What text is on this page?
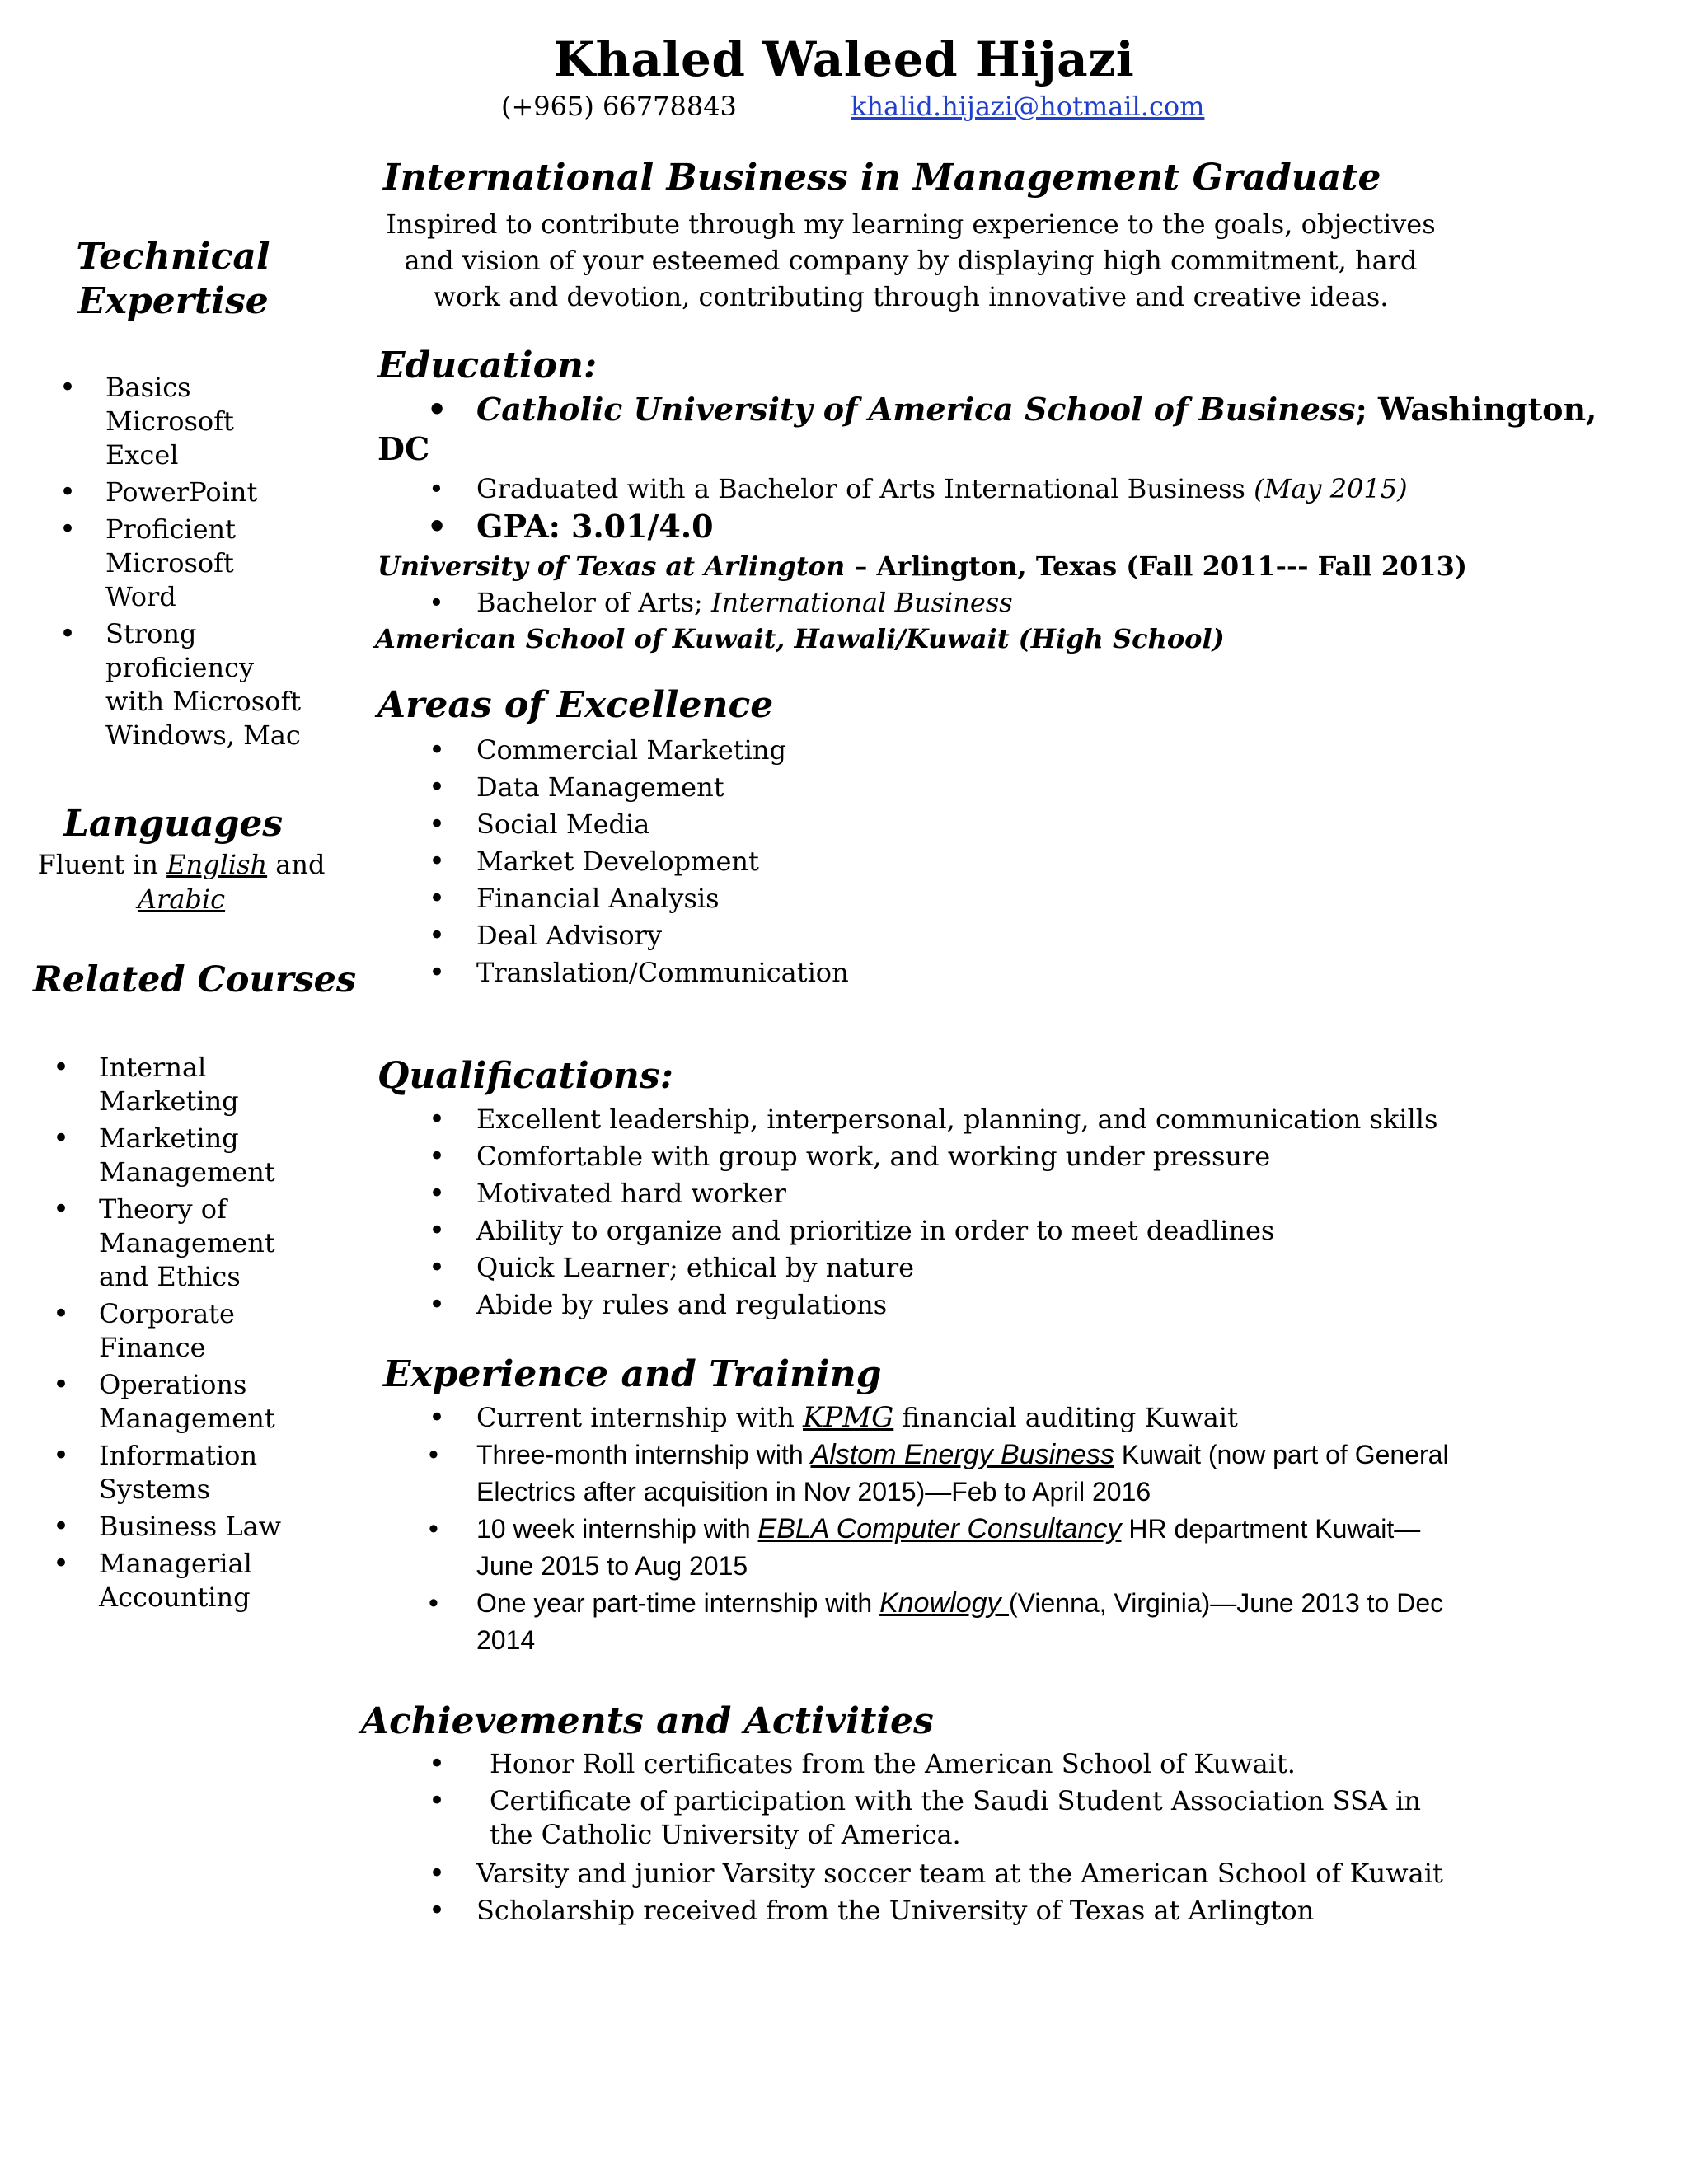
Khaled Waleed Hijazi
(+965) 66778843	khalid.hijazi@hotmail.com
International Business in Management Graduate
Inspired to contribute through my learning experience to the goals, objectives and vision of your esteemed company by displaying high commitment, hard work and devotion, contributing through innovative and creative ideas.
Technical
Expertise
• Basics Microsoft Excel
• PowerPoint
• Proficient Microsoft Word
• Strong proficiency with Microsoft Windows, Mac
Languages
Fluent in English and
Arabic
Related Courses
• Internal Marketing
• Marketing Management
• Theory of Management and Ethics
• Corporate Finance
• Operations Management
• Information Systems
• Business Law
• Managerial Accounting
Education:
• Catholic University of America School of Business; Washington,
DC
• Graduated with a Bachelor of Arts International Business (May 2015)
• GPA: 3.01/4.0
University of Texas at Arlington – Arlington, Texas (Fall 2011--- Fall 2013)
• Bachelor of Arts; International Business
American School of Kuwait, Hawali/Kuwait (High School)
Areas of Excellence
• Commercial Marketing
• Data Management
• Social Media
• Market Development
• Financial Analysis
• Deal Advisory
• Translation/Communication
Qualifications:
• Excellent leadership, interpersonal, planning, and communication skills
• Comfortable with group work, and working under pressure
• Motivated hard worker
• Ability to organize and prioritize in order to meet deadlines
• Quick Learner; ethical by nature
• Abide by rules and regulations
Experience and Training
• Current internship with KPMG financial auditing Kuwait
• Three-month internship with Alstom Energy Business Kuwait (now part of General Electrics after acquisition in Nov 2015)—Feb to April 2016
• 10 week internship with EBLA Computer Consultancy HR department Kuwait—June 2015 to Aug 2015
• One year part-time internship with Knowlogy (Vienna, Virginia)—June 2013 to Dec 2014
Achievements and Activities
• Honor Roll certificates from the American School of Kuwait.
• Certificate of participation with the Saudi Student Association SSA in the Catholic University of America.
• Varsity and junior Varsity soccer team at the American School of Kuwait
• Scholarship received from the University of Texas at Arlington
